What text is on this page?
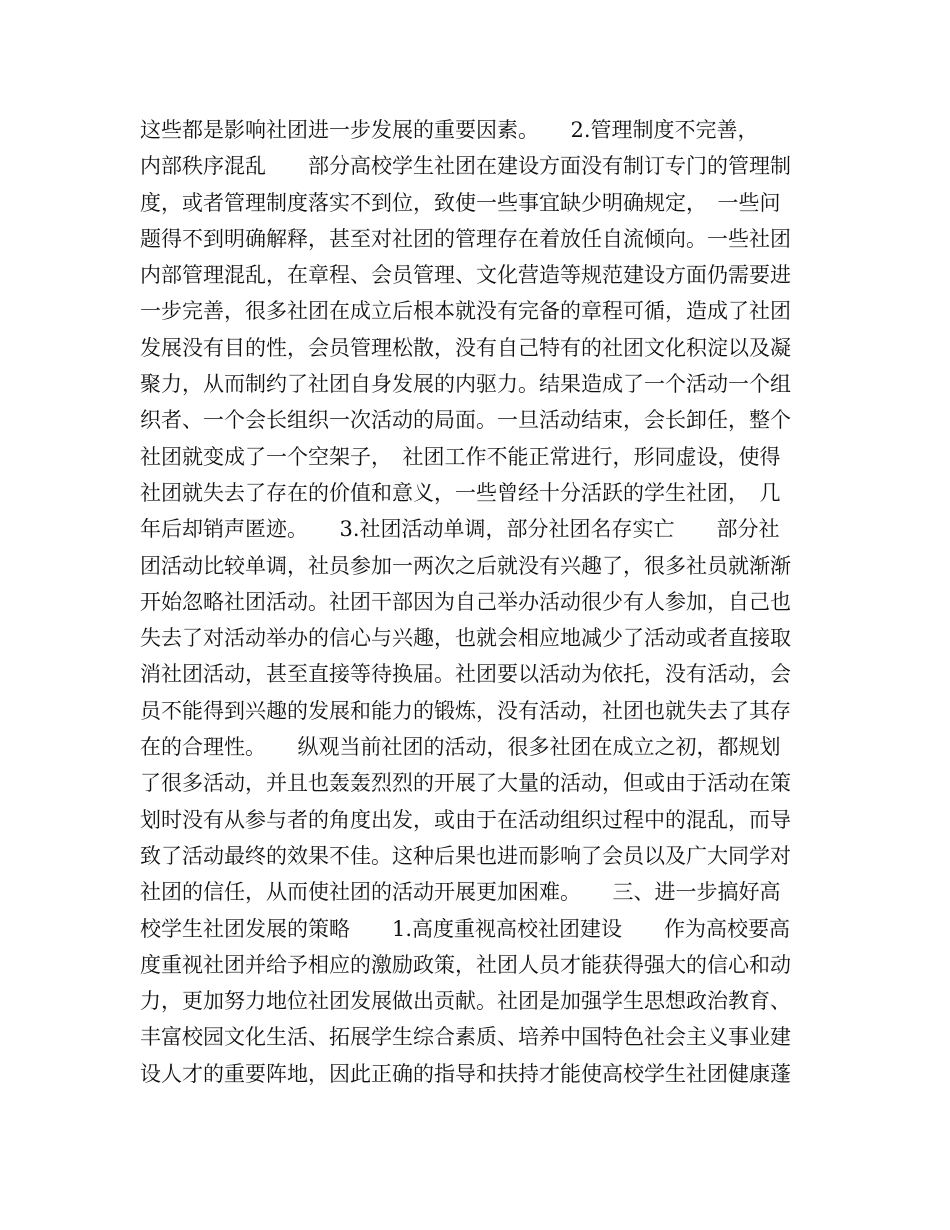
这些都是影响社团进一步发展的重要因素。　　2.管理制度不完善，
内部秩序混乱　　部分高校学生社团在建设方面没有制订专门的管理制
度，或者管理制度落实不到位，致使一些事宜缺少明确规定，　一些问
题得不到明确解释，甚至对社团的管理存在着放任自流倾向。一些社团
内部管理混乱，在章程、会员管理、文化营造等规范建设方面仍需要进
一步完善，很多社团在成立后根本就没有完备的章程可循，造成了社团
发展没有目的性，会员管理松散，没有自己特有的社团文化积淀以及凝
聚力，从而制约了社团自身发展的内驱力。结果造成了一个活动一个组
织者、一个会长组织一次活动的局面。一旦活动结束，会长卸任，整个
社团就变成了一个空架子，　社团工作不能正常进行，形同虚设，使得
社团就失去了存在的价值和意义，一些曾经十分活跃的学生社团，　几
年后却销声匿迹。　　3.社团活动单调，部分社团名存实亡　　部分社
团活动比较单调，社员参加一两次之后就没有兴趣了，很多社员就渐渐
开始忽略社团活动。社团干部因为自己举办活动很少有人参加，自己也
失去了对活动举办的信心与兴趣，也就会相应地减少了活动或者直接取
消社团活动，甚至直接等待换届。社团要以活动为依托，没有活动，会
员不能得到兴趣的发展和能力的锻炼，没有活动，社团也就失去了其存
在的合理性。　　纵观当前社团的活动，很多社团在成立之初，都规划
了很多活动，并且也轰轰烈烈的开展了大量的活动，但或由于活动在策
划时没有从参与者的角度出发，或由于在活动组织过程中的混乱，而导
致了活动最终的效果不佳。这种后果也进而影响了会员以及广大同学对
社团的信任，从而使社团的活动开展更加困难。　　三、进一步搞好高
校学生社团发展的策略　　1.高度重视高校社团建设　　作为高校要高
度重视社团并给予相应的激励政策，社团人员才能获得强大的信心和动
力，更加努力地位社团发展做出贡献。社团是加强学生思想政治教育、
丰富校园文化生活、拓展学生综合素质、培养中国特色社会主义事业建
设人才的重要阵地，因此正确的指导和扶持才能使高校学生社团健康蓬
